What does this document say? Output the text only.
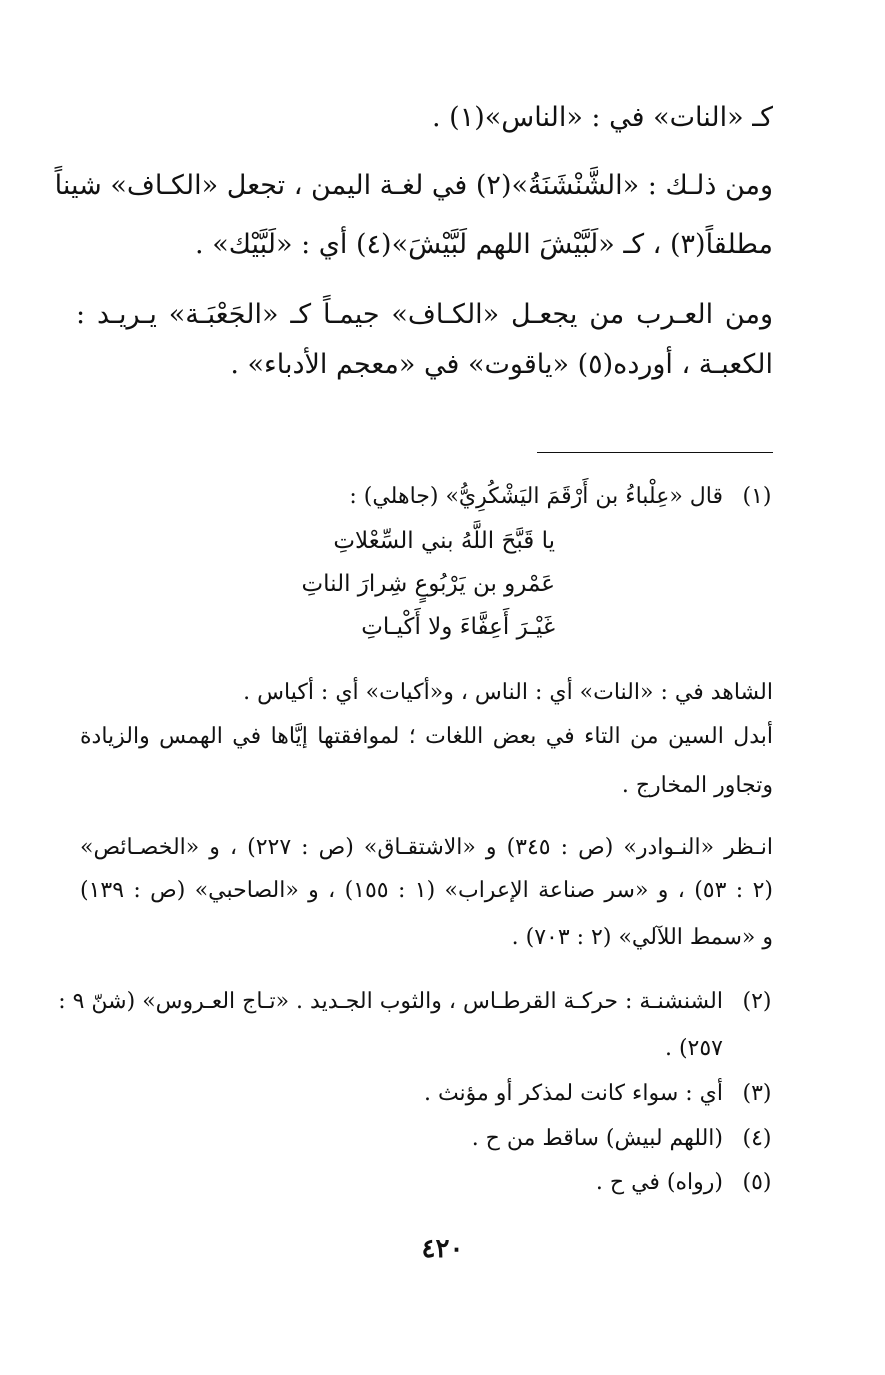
كـ «النات» في : «الناس»(١) .
ومن ذلـك : «الشَّنْشَنَةُ»(٢) في لغـة اليمن ، تجعل «الكـاف» شيناً
مطلقاً(٣) ، كـ «لَبَّيْشَ اللهم لَبَّيْشَ»(٤) أي : «لَبَّيْك» .
ومن العـرب من يجعـل «الكـاف» جيمـاً كـ «الجَعْبَـة» يـريـد :
الكعبـة ، أورده(٥) «ياقوت» في «معجم الأدباء» .
(١)
قال «عِلْباءُ بن أَرْقَمَ اليَشْكُرِيُّ» (جاهلي) :
يا قَبَّحَ اللَّهُ بني السِّعْلاتِ
عَمْرو بن يَرْبُوعٍ شِرارَ الناتِ
غَيْـرَ أَعِفَّاءَ ولا أَكْيـاتِ
الشاهد في : «النات» أي : الناس ، و«أكيات» أي : أكياس .
أبدل السين من التاء في بعض اللغات ؛ لموافقتها إيَّاها في الهمس والزيادة
وتجاور المخارج .
انـظر «النـوادر» (ص : ٣٤٥) و «الاشتقـاق» (ص : ٢٢٧) ، و «الخصـائص»
(٢ : ٥٣) ، و «سر صناعة الإعراب» (١ : ١٥٥) ، و «الصاحبي» (ص : ١٣٩)
و «سمط اللآلي» (٢ : ٧٠٣) .
(٢)
الشنشنـة : حركـة القرطـاس ، والثوب الجـديد . «تـاج العـروس» (شنّ ٩ :
٢٥٧) .
(٣)
أي : سواء كانت لمذكر أو مؤنث .
(٤)
(اللهم لبيش) ساقط من ح .
(٥)
(رواه) في ح .
٤٢٠
